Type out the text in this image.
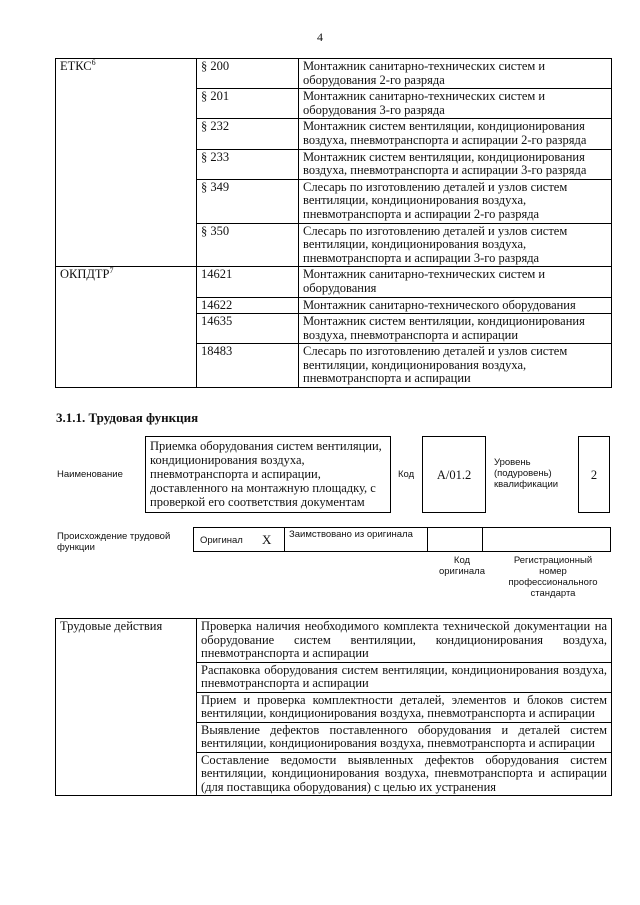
4
ЕТКС$^6$	§ 200	Монтажник санитарно-технических систем и оборудования 2-го разряда
	§ 201	Монтажник санитарно-технических систем и оборудования 3-го разряда
	§ 232	Монтажник систем вентиляции, кондиционирования воздуха, пневмотранспорта и аспирации 2-го разряда
	§ 233	Монтажник систем вентиляции, кондиционирования воздуха, пневмотранспорта и аспирации 3-го разряда
	§ 349	Слесарь по изготовлению деталей и узлов систем вентиляции, кондиционирования воздуха, пневмотранспорта и аспирации 2-го разряда
	§ 350	Слесарь по изготовлению деталей и узлов систем вентиляции, кондиционирования воздуха, пневмотранспорта и аспирации 3-го разряда
ОКПДТР$^7$	14621	Монтажник санитарно-технических систем и оборудования
	14622	Монтажник санитарно-технического оборудования
	14635	Монтажник систем вентиляции, кондиционирования воздуха, пневмотранспорта и аспирации
	18483	Слесарь по изготовлению деталей и узлов систем вентиляции, кондиционирования воздуха, пневмотранспорта и аспирации
3.1.1. Трудовая функция
Наименование
Приемка оборудования систем вентиляции, кондиционирования воздуха, пневмотранспорта и аспирации, доставленного на монтажную площадку, с проверкой его соответствия документам
Код	A/01.2
Уровень (подуровень) квалификации
2
Происхождение трудовой функции
Оригинал X Заимствовано из оригинала
Код оригинала
Регистрационный номер профессионального стандарта
Трудовые действия	Проверка наличия необходимого комплекта технической документации на оборудование систем вентиляции, кондиционирования воздуха, пневмотранспорта и аспирации
Распаковка оборудования систем вентиляции, кондиционирования воздуха, пневмотранспорта и аспирации
Прием и проверка комплектности деталей, элементов и блоков систем вентиляции, кондиционирования воздуха, пневмотранспорта и аспирации
Выявление дефектов поставленного оборудования и деталей систем вентиляции, кондиционирования воздуха, пневмотранспорта и аспирации
Составление ведомости выявленных дефектов оборудования систем вентиляции, кондиционирования воздуха, пневмотранспорта и аспирации (для поставщика оборудования) с целью их устранения
